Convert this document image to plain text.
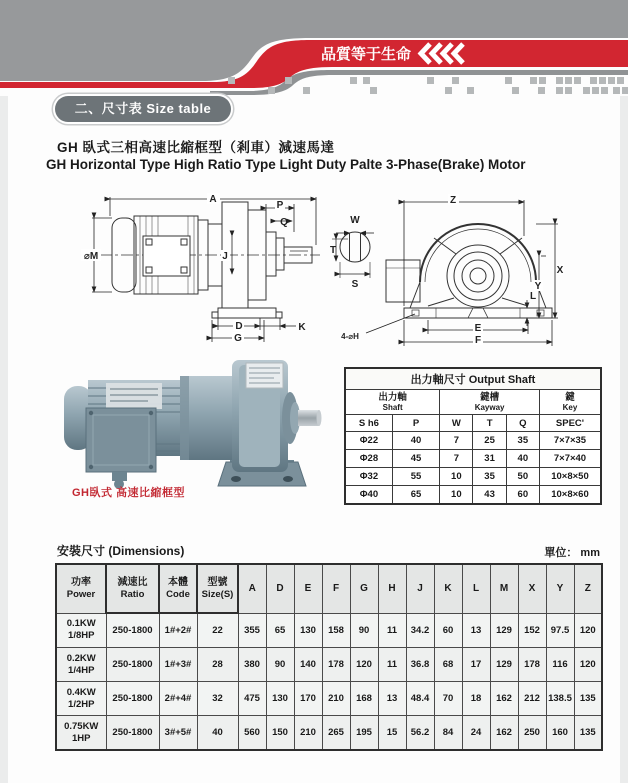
品質等于生命
二、尺寸表 Size table
GH 臥式三相高速比縮框型（剎車）減速馬達
GH Horizontal Type High Ratio Type Light Duty Palte 3-Phase(Brake) Motor
A
⌀M
P
Q
J
D	K
G
Z
X
Y
E
F
L
4-⌀H
W
T
S
GH臥式 高速比縮框型
出力軸尺寸 Output Shaft					

出力軸
Shaft

鍵槽
Kayway

鍵
Key

S h6	P	W	T	Q	SPEC'
Φ22	40	7	25	35	7×7×35
Φ28	45	7	31	40	7×7×40
Φ32	55	10	35	50	10×8×50
Φ40	65	10	43	60	10×8×60
安裝尺寸 (Dimensions)	單位： mm
功率
Power

減速比
Ratio

本體
Code

型號
Size(S)

A	D	E	F	G	H	J	K	L	M	X	Y	Z

0.1KW
1/8HP	250-1800	1#+2#	22	355	65	130	158	90	11	34.2	60	13	129	152	97.5	120

0.2KW
1/4HP	250-1800	1#+3#	28	380	90	140	178	120	11	36.8	68	17	129	178	116	120

0.4KW
1/2HP	250-1800	2#+4#	32	475	130	170	210	168	13	48.4	70	18	162	212	138.5	135

0.75KW
1HP	250-1800	3#+5#	40	560	150	210	265	195	15	56.2	84	24	162	250	160	135
